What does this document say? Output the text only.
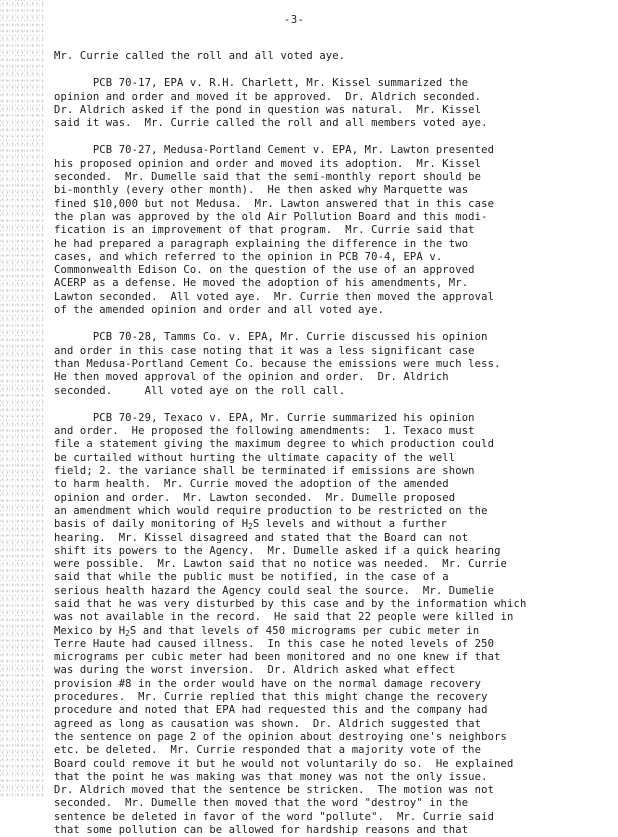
-3-
Mr. Currie called the roll and all voted aye.
PCB 70-17, EPA v. R.H. Charlett, Mr. Kissel summarized the
opinion and order and moved it be approved.  Dr. Aldrich seconded.
Dr. Aldrich asked if the pond in question was natural.  Mr. Kissel
said it was.  Mr. Currie called the roll and all members voted aye.
PCB 70-27, Medusa-Portland Cement v. EPA, Mr. Lawton presented
his proposed opinion and order and moved its adoption.  Mr. Kissel
seconded.  Mr. Dumelle said that the semi-monthly report should be
bi-monthly (every other month).  He then asked why Marquette was
fined $10,000 but not Medusa.  Mr. Lawton answered that in this case
the plan was approved by the old Air Pollution Board and this modi-
fication is an improvement of that program.  Mr. Currie said that
he had prepared a paragraph explaining the difference in the two
cases, and which referred to the opinion in PCB 70-4, EPA v.
Commonwealth Edison Co. on the question of the use of an approved
ACERP as a defense. He moved the adoption of his amendments, Mr.
Lawton seconded.  All voted aye.  Mr. Currie then moved the approval
of the amended opinion and order and all voted aye.
PCB 70-28, Tamms Co. v. EPA, Mr. Currie discussed his opinion
and order in this case noting that it was a less significant case
than Medusa-Portland Cement Co. because the emissions were much less.
He then moved approval of the opinion and order.  Dr. Aldrich
seconded.     All voted aye on the roll call.
PCB 70-29, Texaco v. EPA, Mr. Currie summarized his opinion
and order.  He proposed the following amendments:  1. Texaco must
file a statement giving the maximum degree to which production could
be curtailed without hurting the ultimate capacity of the well
field; 2. the variance shall be terminated if emissions are shown
to harm health.  Mr. Currie moved the adoption of the amended
opinion and order.  Mr. Lawton seconded.  Mr. Dumelle proposed
an amendment which would require production to be restricted on the
basis of daily monitoring of $H_2S$ levels and without a further
hearing.  Mr. Kissel disagreed and stated that the Board can not
shift its powers to the Agency.  Mr. Dumelle asked if a quick hearing
were possible.  Mr. Lawton said that no notice was needed.  Mr. Currie
said that while the public must be notified, in the case of a
serious health hazard the Agency could seal the source.  Mr. Dumelie
said that he was very disturbed by this case and by the information which
was not available in the record.  He said that 22 people were killed in
Mexico by $H_2S$ and that levels of 450 micrograms per cubic meter in
Terre Haute had caused illness.  In this case he noted levels of 250
micrograms per cubic meter had been monitored and no one knew if that
was during the worst inversion.  Dr. Aldrich asked what effect
provision #8 in the order would have on the normal damage recovery
procedures.  Mr. Currie replied that this might change the recovery
procedure and noted that EPA had requested this and the company had
agreed as long as causation was shown.  Dr. Aldrich suggested that
the sentence on page 2 of the opinion about destroying one's neighbors
etc. be deleted.  Mr. Currie responded that a majority vote of the
Board could remove it but he would not voluntarily do so.  He explained
that the point he was making was that money was not the only issue.
Dr. Aldrich moved that the sentence be stricken.  The motion was not
seconded.  Mr. Dumelle then moved that the word "destroy" in the
sentence be deleted in favor of the word "pollute".  Mr. Currie said
that some pollution can be allowed for hardship reasons and that
